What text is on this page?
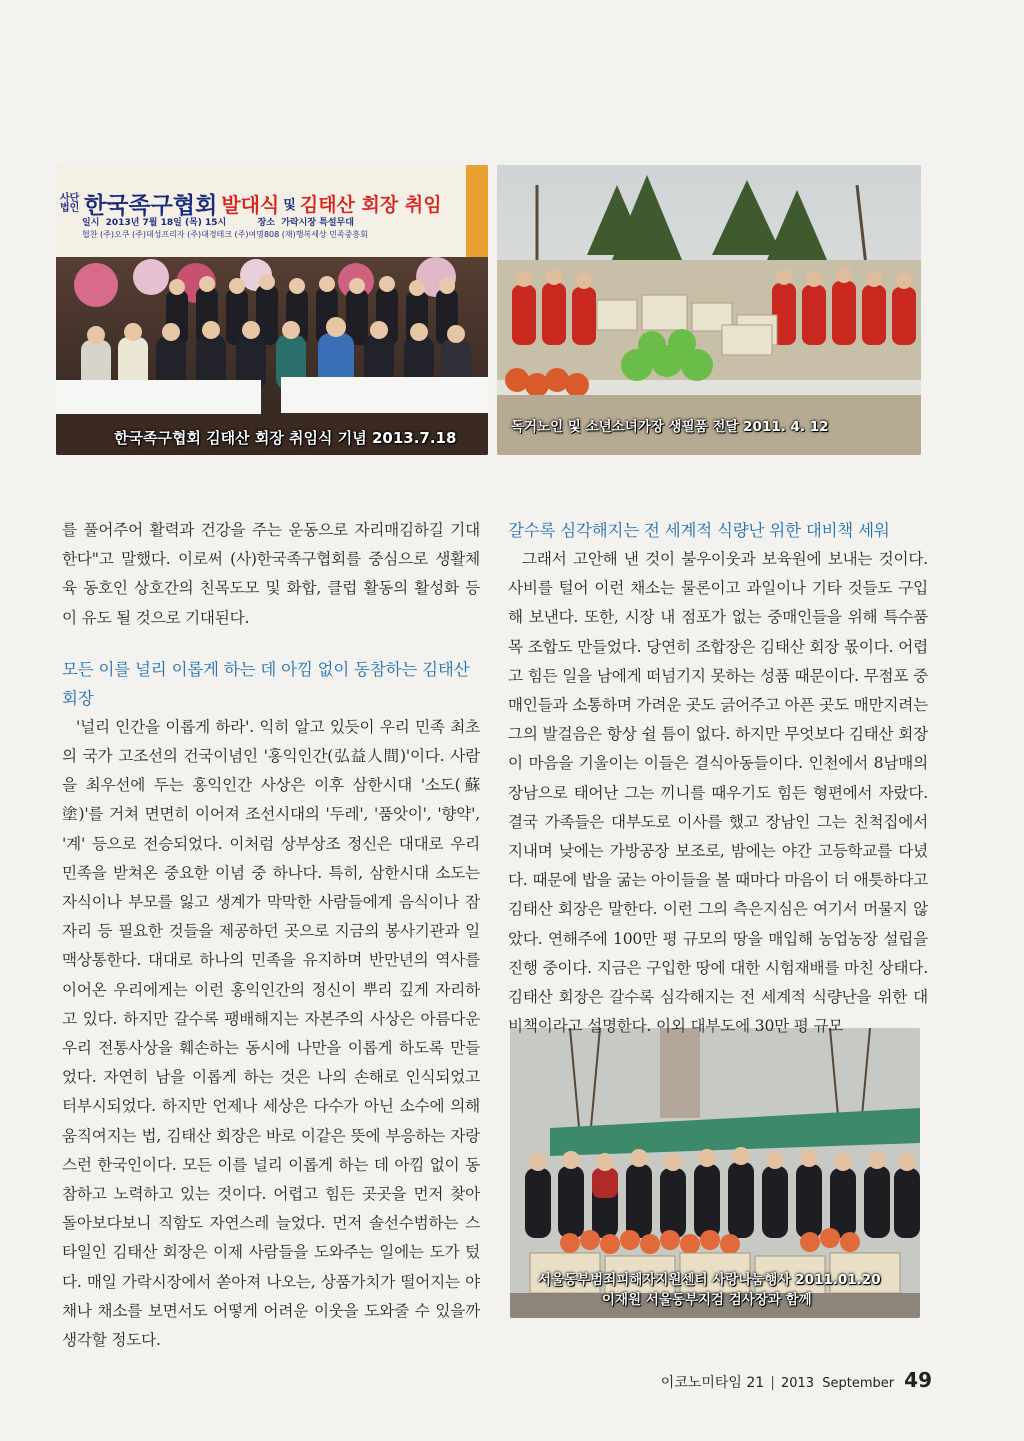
사단
법인 한국족구협회 발대식 및 김태산 회장 취임
일시  2013년 7월 18일 (목) 15시          장소  가락시장 특설무대
협찬 (주)오쿠 (주)대성프리자 (주)대경테크 (주)여명808 (재)행복세상 민족중흥회
한국족구협회 김태산 회장 취임식 기념 2013.7.18
독거노인 및 소년소녀가장 생필품 전달 2011. 4. 12
서울동부범죄피해자지원센터 사랑나눔행사 2011.01.20
이재원 서울동부지검 검사장과 함께

를 풀어주어 활력과 건강을 주는 운동으로 자리매김하길 기대한다"고 말했다. 이로써 (사)한국족구협회를 중심으로 생활체육 동호인 상호간의 친목도모 및 화합, 클럽 활동의 활성화 등이 유도 될 것으로 기대된다.

모든 이를 널리 이롭게 하는 데 아낌 없이 동참하는 김태산 회장

'널리 인간을 이롭게 하라'. 익히 알고 있듯이 우리 민족 최초의 국가 고조선의 건국이념인 '홍익인간(弘益人間)'이다. 사람을 최우선에 두는 홍익인간 사상은 이후 삼한시대 '소도(蘇塗)'를 거쳐 면면히 이어져 조선시대의 '두레', '품앗이', '향약', '계' 등으로 전승되었다. 이처럼 상부상조 정신은 대대로 우리 민족을 받쳐온 중요한 이념 중 하나다. 특히, 삼한시대 소도는 자식이나 부모를 잃고 생계가 막막한 사람들에게 음식이나 잠자리 등 필요한 것들을 제공하던 곳으로 지금의 봉사기관과 일맥상통한다. 대대로 하나의 민족을 유지하며 반만년의 역사를 이어온 우리에게는 이런 홍익인간의 정신이 뿌리 깊게 자리하고 있다. 하지만 갈수록 팽배해지는 자본주의 사상은 아름다운 우리 전통사상을 훼손하는 동시에 나만을 이롭게 하도록 만들었다. 자연히 남을 이롭게 하는 것은 나의 손해로 인식되었고 터부시되었다. 하지만 언제나 세상은 다수가 아닌 소수에 의해 움직여지는 법, 김태산 회장은 바로 이같은 뜻에 부응하는 자랑스런 한국인이다. 모든 이를 널리 이롭게 하는 데 아낌 없이 동참하고 노력하고 있는 것이다. 어렵고 힘든 곳곳을 먼저 찾아 돌아보다보니 직함도 자연스레 늘었다. 먼저 솔선수범하는 스타일인 김태산 회장은 이제 사람들을 도와주는 일에는 도가 텄다. 매일 가락시장에서 쏟아져 나오는, 상품가치가 떨어지는 야채나 채소를 보면서도 어떻게 어려운 이웃을 도와줄 수 있을까 생각할 정도다.

갈수록 심각해지는 전 세계적 식량난 위한 대비책 세워

그래서 고안해 낸 것이 불우이웃과 보육원에 보내는 것이다. 사비를 털어 이런 채소는 물론이고 과일이나 기타 것들도 구입해 보낸다. 또한, 시장 내 점포가 없는 중매인들을 위해 특수품목 조합도 만들었다. 당연히 조합장은 김태산 회장 몫이다. 어렵고 힘든 일을 남에게 떠넘기지 못하는 성품 때문이다. 무점포 중매인들과 소통하며 가려운 곳도 긁어주고 아픈 곳도 매만지려는 그의 발걸음은 항상 쉴 틈이 없다. 하지만 무엇보다 김태산 회장이 마음을 기울이는 이들은 결식아동들이다. 인천에서 8남매의 장남으로 태어난 그는 끼니를 때우기도 힘든 형편에서 자랐다. 결국 가족들은 대부도로 이사를 했고 장남인 그는 친척집에서 지내며 낮에는 가방공장 보조로, 밤에는 야간 고등학교를 다녔다. 때문에 밥을 굶는 아이들을 볼 때마다 마음이 더 애틋하다고 김태산 회장은 말한다. 이런 그의 측은지심은 여기서 머물지 않았다. 연해주에 100만 평 규모의 땅을 매입해 농업농장 설립을 진행 중이다. 지금은 구입한 땅에 대한 시험재배를 마친 상태다. 김태산 회장은 갈수록 심각해지는 전 세계적 식량난을 위한 대비책이라고 설명한다. 이외 대부도에 30만 평 규모

이코노미타임 21 | 2013  September 49
